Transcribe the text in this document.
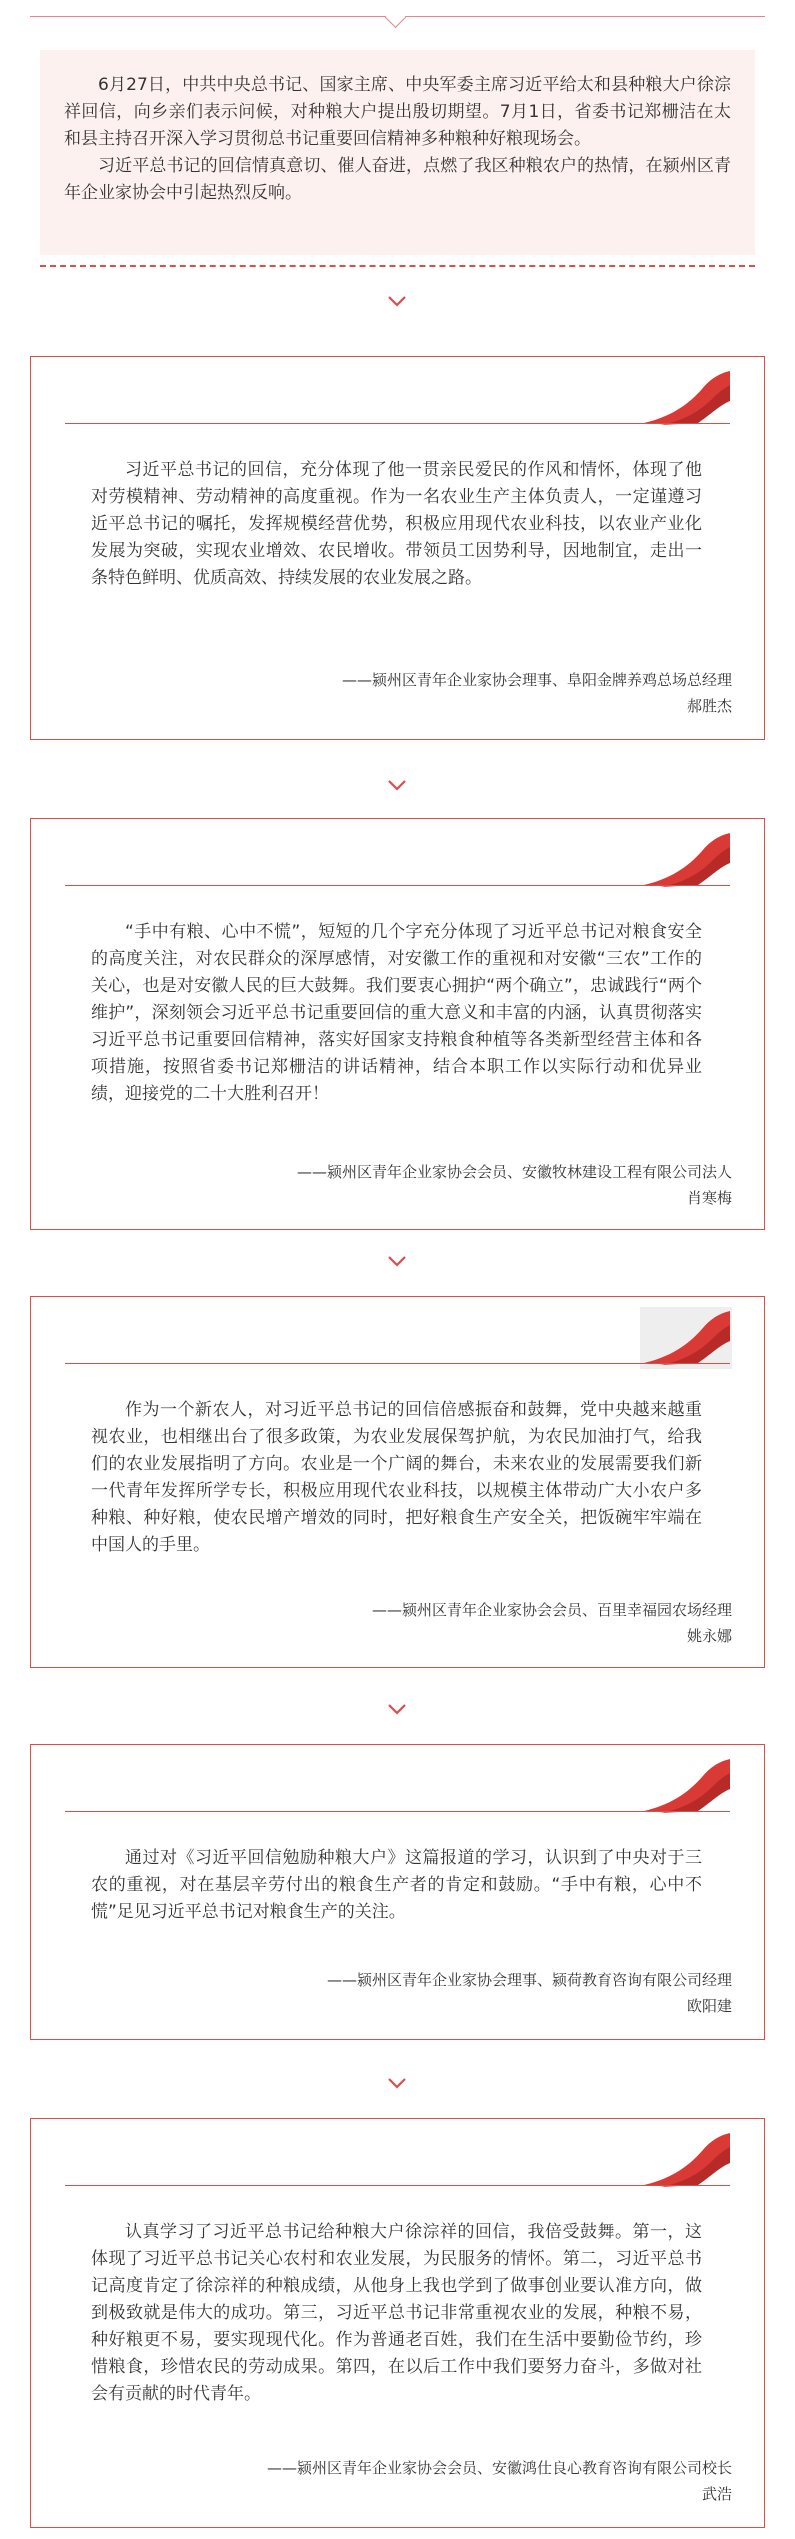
6月27日，中共中央总书记、国家主席、中央军委主席习近平给太和县种粮大户徐淙祥回信，向乡亲们表示问候，对种粮大户提出殷切期望。7月1日，省委书记郑栅洁在太和县主持召开深入学习贯彻总书记重要回信精神多种粮种好粮现场会。

习近平总书记的回信情真意切、催人奋进，点燃了我区种粮农户的热情，在颍州区青年企业家协会中引起热烈反响。

习近平总书记的回信，充分体现了他一贯亲民爱民的作风和情怀，体现了他对劳模精神、劳动精神的高度重视。作为一名农业生产主体负责人，一定谨遵习近平总书记的嘱托，发挥规模经营优势，积极应用现代农业科技，以农业产业化发展为突破，实现农业增效、农民增收。带领员工因势利导，因地制宜，走出一条特色鲜明、优质高效、持续发展的农业发展之路。

——颍州区青年企业家协会理事、阜阳金牌养鸡总场总经理
郝胜杰

“手中有粮、心中不慌”，短短的几个字充分体现了习近平总书记对粮食安全的高度关注，对农民群众的深厚感情，对安徽工作的重视和对安徽“三农”工作的关心，也是对安徽人民的巨大鼓舞。我们要衷心拥护“两个确立”，忠诚践行“两个维护”，深刻领会习近平总书记重要回信的重大意义和丰富的内涵，认真贯彻落实习近平总书记重要回信精神，落实好国家支持粮食种植等各类新型经营主体和各项措施，按照省委书记郑栅洁的讲话精神，结合本职工作以实际行动和优异业绩，迎接党的二十大胜利召开！

——颍州区青年企业家协会会员、安徽牧林建设工程有限公司法人
肖寒梅

作为一个新农人，对习近平总书记的回信倍感振奋和鼓舞，党中央越来越重视农业，也相继出台了很多政策，为农业发展保驾护航，为农民加油打气，给我们的农业发展指明了方向。农业是一个广阔的舞台，未来农业的发展需要我们新一代青年发挥所学专长，积极应用现代农业科技，以规模主体带动广大小农户多种粮、种好粮，使农民增产增效的同时，把好粮食生产安全关，把饭碗牢牢端在中国人的手里。

——颍州区青年企业家协会会员、百里幸福园农场经理
姚永娜

通过对《习近平回信勉励种粮大户》这篇报道的学习，认识到了中央对于三农的重视，对在基层辛劳付出的粮食生产者的肯定和鼓励。“手中有粮，心中不慌”足见习近平总书记对粮食生产的关注。

——颍州区青年企业家协会理事、颍荷教育咨询有限公司经理
欧阳建

认真学习了习近平总书记给种粮大户徐淙祥的回信，我倍受鼓舞。第一，这体现了习近平总书记关心农村和农业发展，为民服务的情怀。第二，习近平总书记高度肯定了徐淙祥的种粮成绩，从他身上我也学到了做事创业要认准方向，做到极致就是伟大的成功。第三，习近平总书记非常重视农业的发展，种粮不易，种好粮更不易，要实现现代化。作为普通老百姓，我们在生活中要勤俭节约，珍惜粮食，珍惜农民的劳动成果。第四，在以后工作中我们要努力奋斗，多做对社会有贡献的时代青年。

——颍州区青年企业家协会会员、安徽鸿仕良心教育咨询有限公司校长
武浩
